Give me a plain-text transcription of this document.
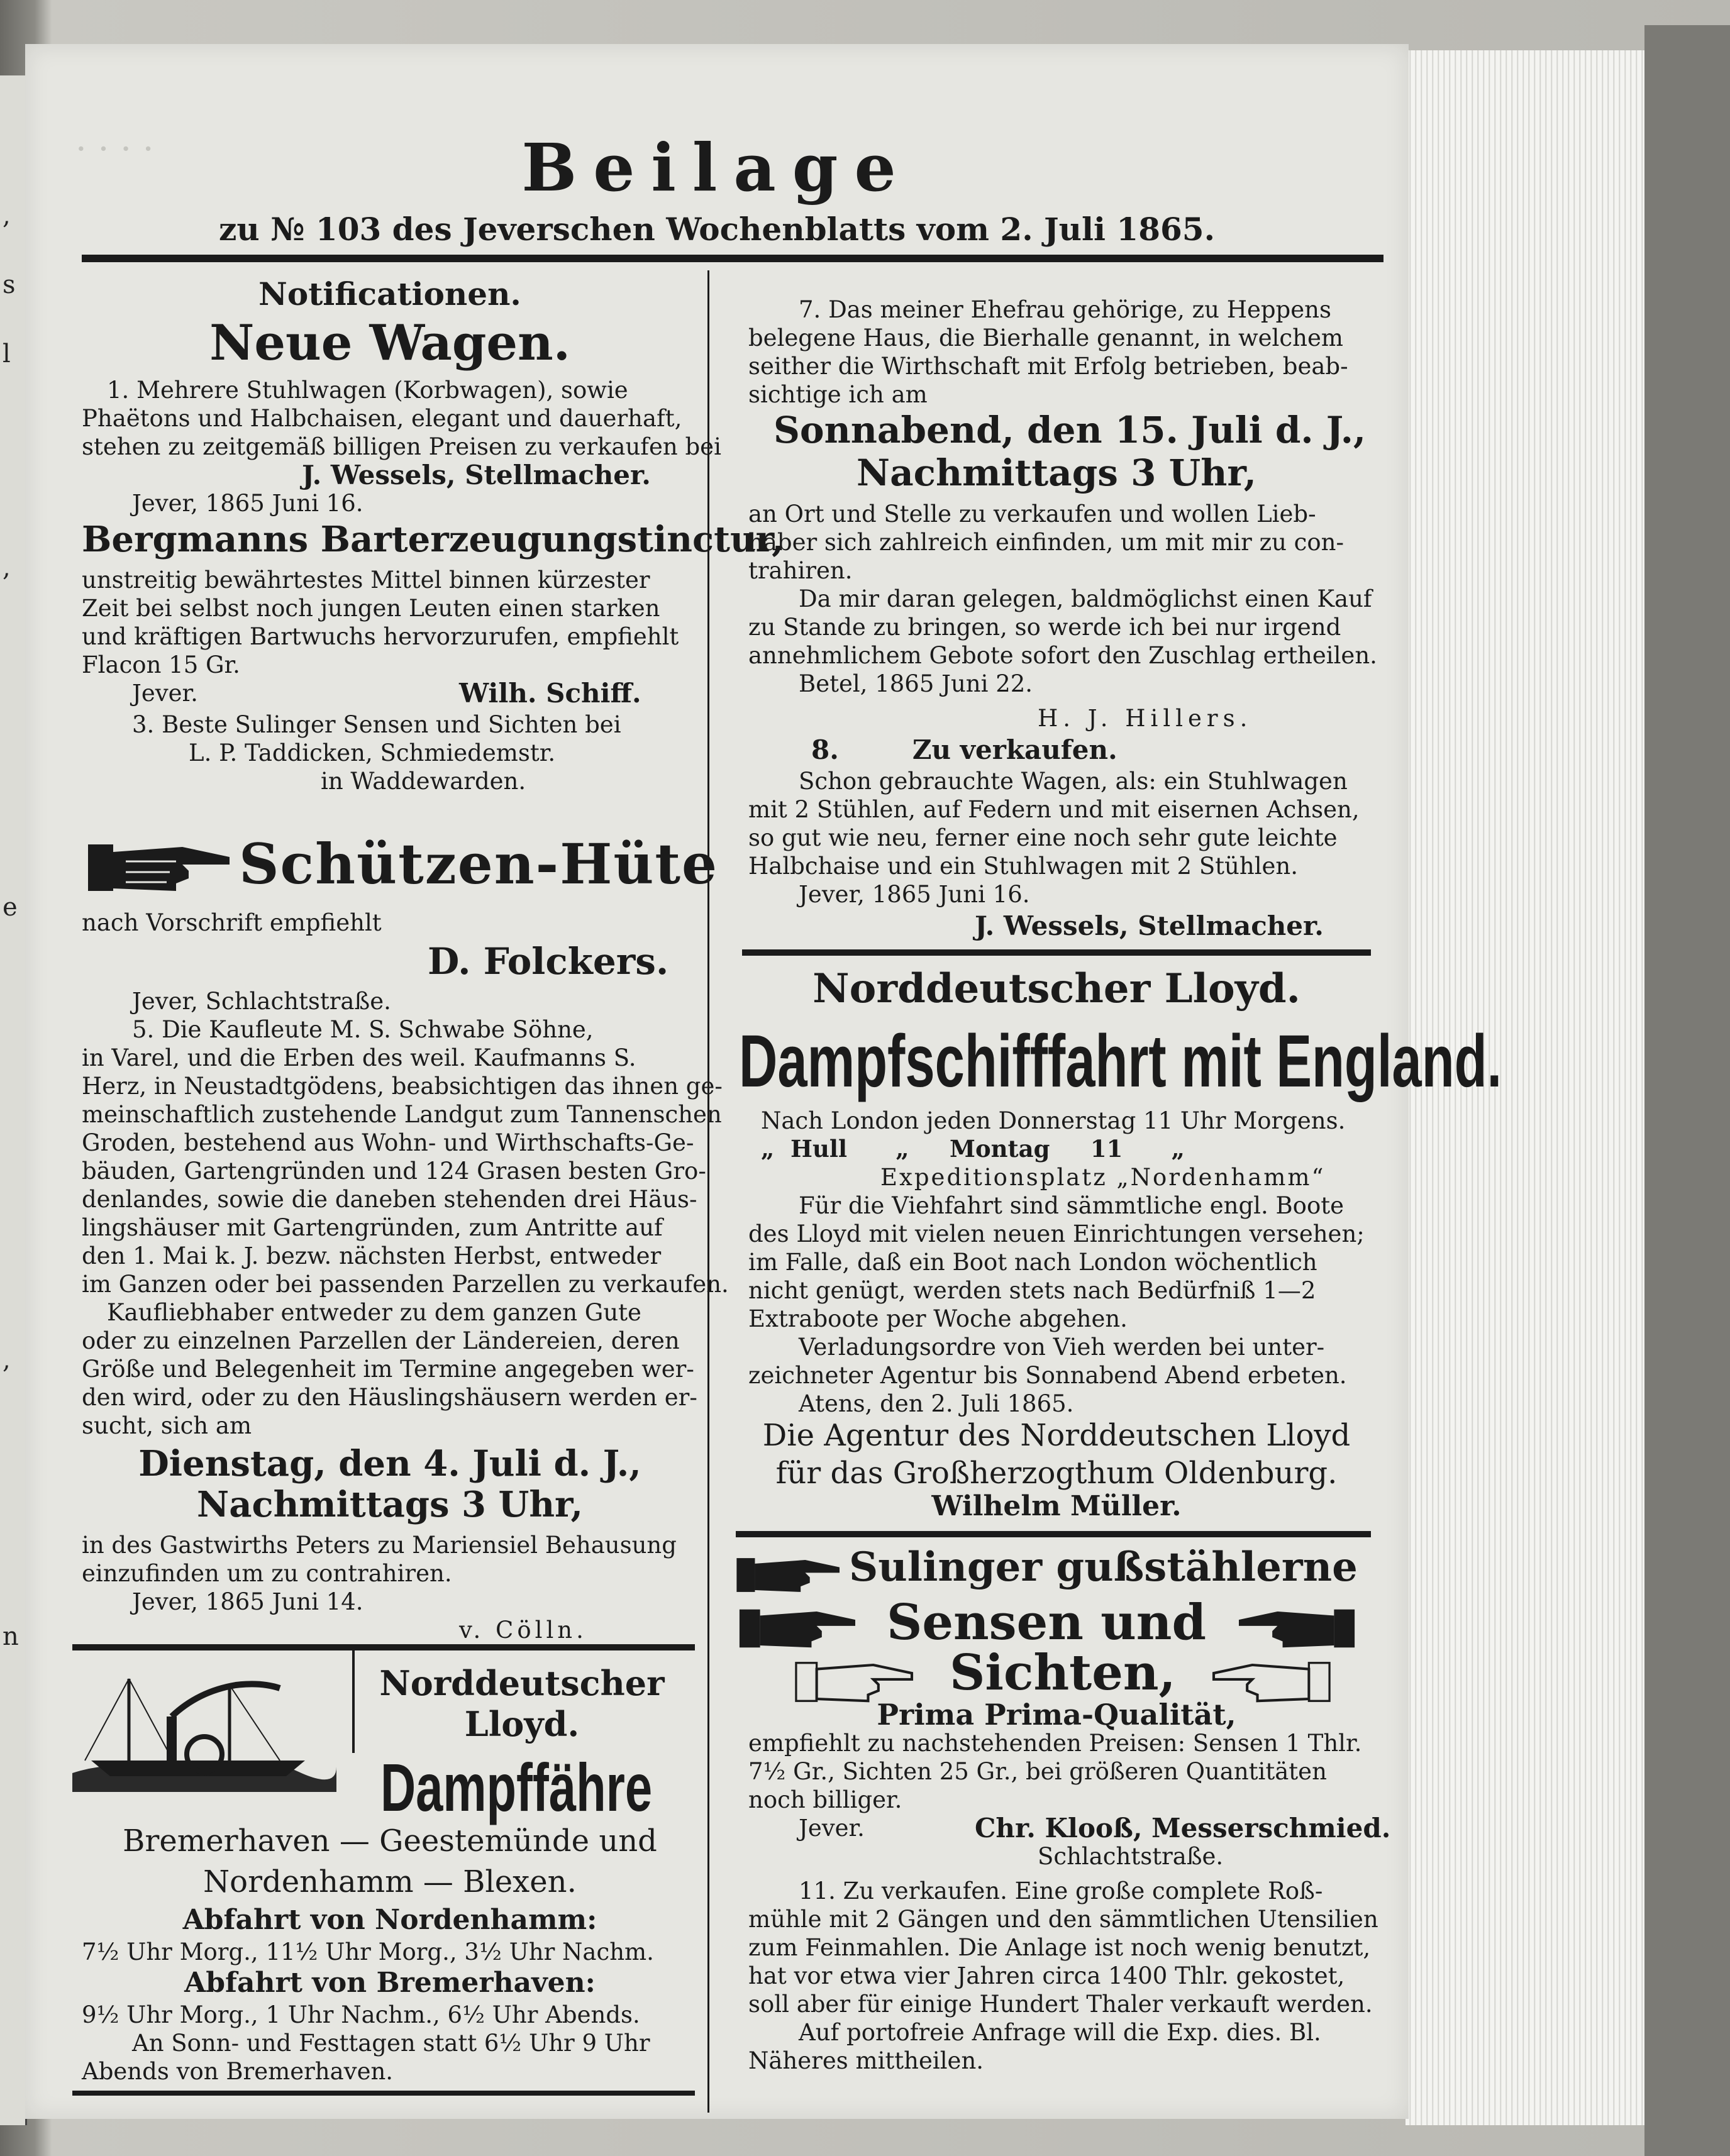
,
s
l
,
e
,
n
· · · ·	Beilage
zu № 103 des Jeverschen Wochenblatts vom 2. Juli 1865.
Notificationen.
Neue Wagen.
1. Mehrere Stuhlwagen (Korbwagen), sowie
Phaëtons und Halbchaisen, elegant und dauerhaft,
stehen zu zeitgemäß billigen Preisen zu verkaufen bei
J. Wessels, Stellmacher.
Jever, 1865 Juni 16.
Bergmanns Barterzeugungstinctur,
unstreitig bewährtestes Mittel binnen kürzester
Zeit bei selbst noch jungen Leuten einen starken
und kräftigen Bartwuchs hervorzurufen, empfiehlt
Flacon 15 Gr.
Jever.	Wilh. Schiff.
3. Beste Sulinger Sensen und Sichten bei
L. P. Taddicken, Schmiedemstr.
in Waddewarden.
Schützen-Hüte
nach Vorschrift empfiehlt
D. Folckers.
Jever, Schlachtstraße.
5. Die Kaufleute M. S. Schwabe Söhne,
in Varel, und die Erben des weil. Kaufmanns S.
Herz, in Neustadtgödens, beabsichtigen das ihnen ge-
meinschaftlich zustehende Landgut zum Tannenschen
Groden, bestehend aus Wohn- und Wirthschafts-Ge-
bäuden, Gartengründen und 124 Grasen besten Gro-
denlandes, sowie die daneben stehenden drei Häus-
lingshäuser mit Gartengründen, zum Antritte auf
den 1. Mai k. J. bezw. nächsten Herbst, entweder
im Ganzen oder bei passenden Parzellen zu verkaufen.
Kaufliebhaber entweder zu dem ganzen Gute
oder zu einzelnen Parzellen der Ländereien, deren
Größe und Belegenheit im Termine angegeben wer-
den wird, oder zu den Häuslingshäusern werden er-
sucht, sich am
Dienstag, den 4. Juli d. J.,
Nachmittags 3 Uhr,
in des Gastwirths Peters zu Mariensiel Behausung
einzufinden um zu contrahiren.
Jever, 1865 Juni 14.
v. Cölln.
Norddeutscher
Lloyd.
Dampffähre
Bremerhaven — Geestemünde und
Nordenhamm — Blexen.
Abfahrt von Nordenhamm:
7½ Uhr Morg., 11½ Uhr Morg., 3½ Uhr Nachm.
Abfahrt von Bremerhaven:
9½ Uhr Morg., 1 Uhr Nachm., 6½ Uhr Abends.
An Sonn- und Festtagen statt 6½ Uhr 9 Uhr
Abends von Bremerhaven.
7. Das meiner Ehefrau gehörige, zu Heppens
belegene Haus, die Bierhalle genannt, in welchem
seither die Wirthschaft mit Erfolg betrieben, beab-
sichtige ich am
Sonnabend, den 15. Juli d. J.,
Nachmittags 3 Uhr,
an Ort und Stelle zu verkaufen und wollen Lieb-
haber sich zahlreich einfinden, um mit mir zu con-
trahiren.
Da mir daran gelegen, baldmöglichst einen Kauf
zu Stande zu bringen, so werde ich bei nur irgend
annehmlichem Gebote sofort den Zuschlag ertheilen.
Betel, 1865 Juni 22.
H. J. Hillers.
8.        Zu verkaufen.
Schon gebrauchte Wagen, als: ein Stuhlwagen
mit 2 Stühlen, auf Federn und mit eisernen Achsen,
so gut wie neu, ferner eine noch sehr gute leichte
Halbchaise und ein Stuhlwagen mit 2 Stühlen.
Jever, 1865 Juni 16.
J. Wessels, Stellmacher.
Norddeutscher Lloyd.
Dampfschifffahrt mit England.
Nach London jeden Donnerstag 11 Uhr Morgens.
„  Hull      „     Montag     11      „
Expeditionsplatz „Nordenhamm“
Für die Viehfahrt sind sämmtliche engl. Boote
des Lloyd mit vielen neuen Einrichtungen versehen;
im Falle, daß ein Boot nach London wöchentlich
nicht genügt, werden stets nach Bedürfniß 1—2
Extraboote per Woche abgehen.
Verladungsordre von Vieh werden bei unter-
zeichneter Agentur bis Sonnabend Abend erbeten.
Atens, den 2. Juli 1865.
Die Agentur des Norddeutschen Lloyd
für das Großherzogthum Oldenburg.
Wilhelm Müller.
Sulinger gußstählerne
Sensen und
Sichten,
Prima Prima-Qualität,
empfiehlt zu nachstehenden Preisen: Sensen 1 Thlr.
7½ Gr., Sichten 25 Gr., bei größeren Quantitäten
noch billiger.
Jever.	Chr. Klooß, Messerschmied.
Schlachtstraße.
11. Zu verkaufen. Eine große complete Roß-
mühle mit 2 Gängen und den sämmtlichen Utensilien
zum Feinmahlen. Die Anlage ist noch wenig benutzt,
hat vor etwa vier Jahren circa 1400 Thlr. gekostet,
soll aber für einige Hundert Thaler verkauft werden.
Auf portofreie Anfrage will die Exp. dies. Bl.
Näheres mittheilen.
